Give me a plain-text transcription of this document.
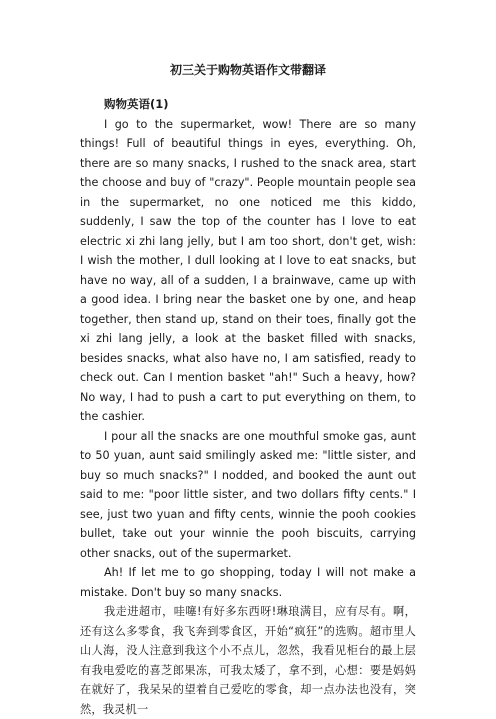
初三关于购物英语作文带翻译
购物英语(1)

I go to the supermarket, wow! There are so many things! Full of beautiful things in eyes, everything. Oh, there are so many snacks, I rushed to the snack area, start the choose and buy of "crazy". People mountain people sea in the supermarket, no one noticed me this kiddo, suddenly, I saw the top of the counter has I love to eat electric xi zhi lang jelly, but I am too short, don't get, wish: I wish the mother, I dull looking at I love to eat snacks, but have no way, all of a sudden, I a brainwave, came up with a good idea. I bring near the basket one by one, and heap together, then stand up, stand on their toes, finally got the xi zhi lang jelly, a look at the basket filled with snacks, besides snacks, what also have no, I am satisfied, ready to check out. Can I mention basket "ah!" Such a heavy, how? No way, I had to push a cart to put everything on them, to the cashier.

I pour all the snacks are one mouthful smoke gas, aunt to 50 yuan, aunt said smilingly asked me: "little sister, and buy so much snacks?" I nodded, and booked the aunt out said to me: "poor little sister, and two dollars fifty cents." I see, just two yuan and fifty cents, winnie the pooh cookies bullet, take out your winnie the pooh biscuits, carrying other snacks, out of the supermarket.

Ah! If let me to go shopping, today I will not make a mistake. Don't buy so many snacks.

我走进超市，哇噻!有好多东西呀!琳琅满目，应有尽有。啊，还有这么多零食，我飞奔到零食区，开始“疯狂”的选购。超市里人山人海，没人注意到我这个小不点儿，忽然，我看见柜台的最上层有我电爱吃的喜芝郎果冻，可我太矮了，拿不到，心想：要是妈妈在就好了，我呆呆的望着自己爱吃的零食，却一点办法也没有，突然，我灵机一
